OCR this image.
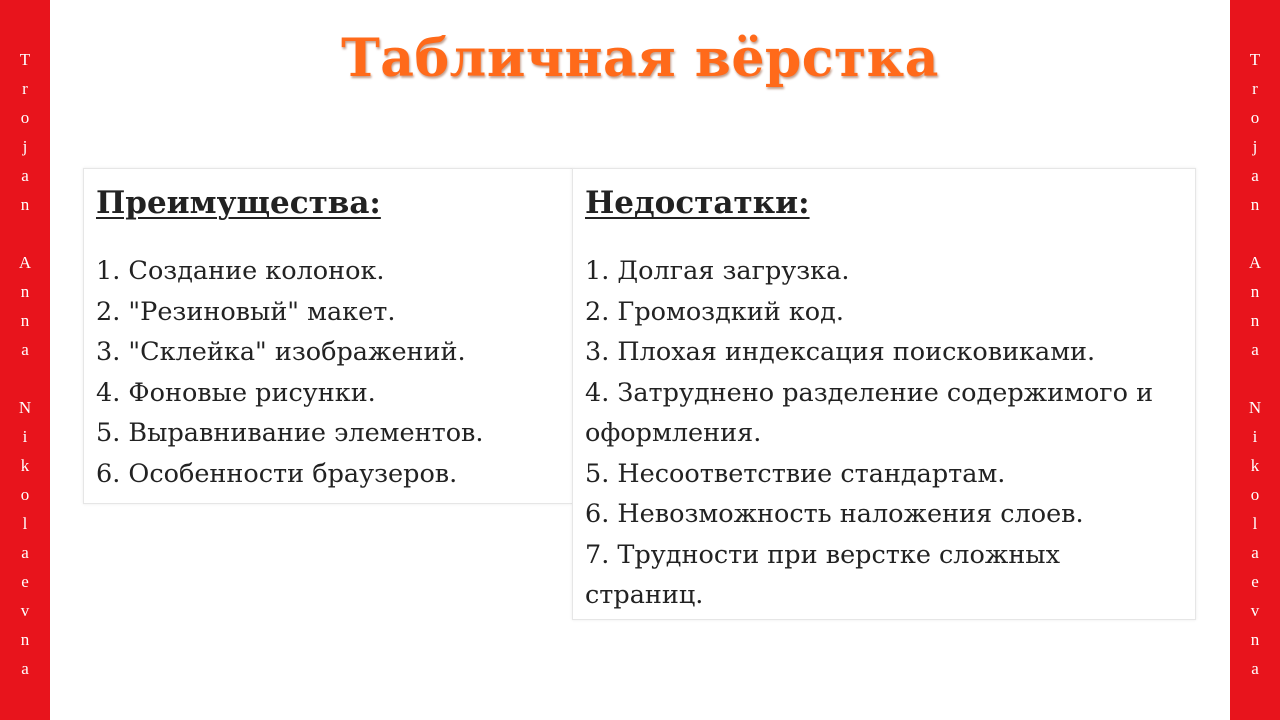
T
r
o
j
a
n
A
n
n
a
N
i
k
o
l
a
e
v
n
a
T
r
o
j
a
n
A
n
n
a
N
i
k
o
l
a
e
v
n
a
Табличная вёрстка
Преимущества:
1. Создание колонок.
2. "Резиновый" макет.
3. "Склейка" изображений.
4. Фоновые рисунки.
5. Выравнивание элементов.
6. Особенности браузеров.
Недостатки:
1. Долгая загрузка.
2. Громоздкий код.
3. Плохая индексация поисковиками.
4. Затруднено разделение содержимого и оформления.
5. Несоответствие стандартам.
6. Невозможность наложения слоев.
7. Трудности при верстке сложных страниц.
